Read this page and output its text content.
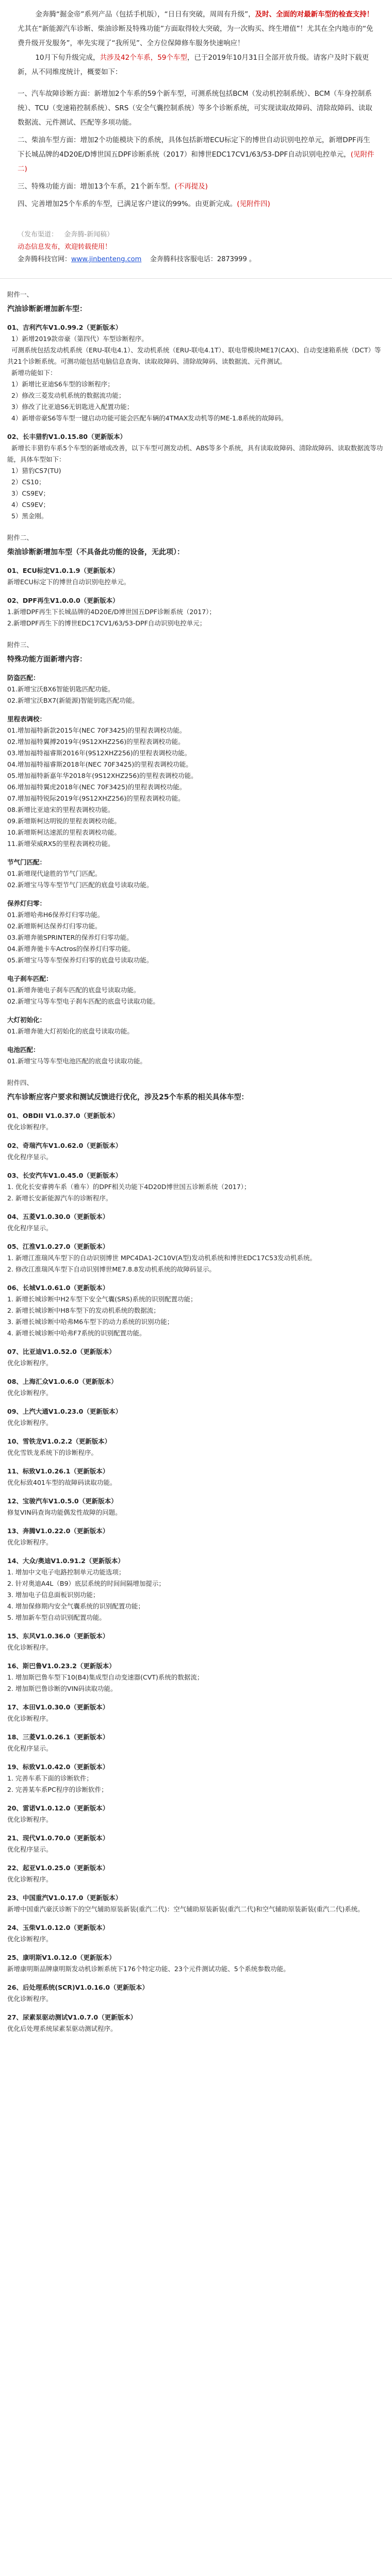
金奔腾“掘金帝”系列产品（包括手机版），“日日有突破，周周有升级”，及时、全面的对最新车型的检查支持！尤其在“新能源汽车诊断、柴油诊断及特殊功能”方面取得较大突破，为一次购买、终生增值”！尤其在全内地市的“免费升级开发服务”，率先实现了“我所见”、全方位保障修车服务快速响应！

10月下旬升级完成，共涉及42个车系，59个车型，已于2019年10月31日全部开放升级。请客户及时下载更新，从不同维度统计，概要如下：

一、汽车故障诊断方面：新增加2个车系的59个新车型，可测系统包括BCM（发动机控制系统）、BCM（车身控制系统）、TCU（变速箱控制系统）、SRS（安全气囊控制系统）等多个诊断系统，可实现读取故障码、清除故障码、读取数据流、元件测试、匹配等多项功能。

二、柴油车型方面：增加2个功能模块下的系统，具体包括新增ECU标定下的博世自动识别电控单元，新增DPF再生下长城品牌的4D20E/D博世国五DPF诊断系统（2017）和博世EDC17CV1/63/53-DPF自动识别电控单元，(见附件二)

三、特殊功能方面：增加13个车系，21个新车型。(不再提及)

四、完善增加25个车系的车型，已满足客户建议的99%。由更新完成。(见附件四)

（发布渠道：   金奔腾-新闻稿）

动态信息发布，欢迎转载使用！

金奔腾科技官网：www.jinbenteng.com    金奔腾科技客服电话：2873999 。

附件一、

汽油诊断新增加新车型：

01、吉利汽车V1.0.99.2（更新版本）

1）新增2019款帝豪（第四代）车型诊断程序。

可测系统包括发动机系统（ERU-联电4.1）、发动机系统（ERU-联电4.1T）、联电带模块ME17(CAX)、自动变速箱系统（DCT）等共21个诊断系统。可测功能包括电脑信息查询、读取故障码、清除故障码、读数据流、元件测试。

新增功能如下：

1）新增比亚迪S6车型的诊断程序；

2）修改三菱发动机系统的数据流功能；

3）修改了比亚迪S6无钥匙进入配置功能；

4）新增帝豪S6等车型一键启动功能可能会匹配车辆的4TMAX发动机等的ME-1.8系统的故障码。

02、长丰猎豹V1.0.15.80（更新版本）

新增长丰猎豹车系5个车型的新增或改善，以下车型可测发动机、ABS等多个系统，具有读取故障码、清除故障码、读取数据流等功能，具体车型如下：

1）猎豹CS7(TU)

2）CS10；

3）CS9EV；

4）CS9EV；

5）黑金刚。

附件二、

柴油诊断新增加车型（不具备此功能的设备，无此项）：

01、ECU标定V1.0.1.9（更新版本）

新增ECU标定下的博世自动识别电控单元。

02、DPF再生V1.0.0.0（更新版本）

1.新增DPF再生下长城品牌的4D20E/D博世国五DPF诊断系统（2017）；

2.新增DPF再生下的博世EDC17CV1/63/53-DPF自动识别电控单元；

附件三、

特殊功能方面新增内容：

防盗匹配：

01.新增宝沃BX6智能钥匙匹配功能。

02.新增宝沃BX7(新能源)智能钥匙匹配功能。

里程表调校：

01.增加福特新款2015年(NEC 70F3425)的里程表调校功能。

02.增加福特翼搏2019年(9S12XHZ256)的里程表调校功能。

03.增加福特福睿斯2016年(9S12XHZ256)的里程表调校功能。

04.增加福特福睿斯2018年(NEC 70F3425)的里程表调校功能。

05.增加福特新嘉年华2018年(9S12XHZ256)的里程表调校功能。

06.增加福特翼虎2018年(NEC 70F3425)的里程表调校功能。

07.增加福特锐际2019年(9S12XHZ256)的里程表调校功能。

08.新增比亚迪宋的里程表调校功能。

09.新增斯柯达明锐的里程表调校功能。

10.新增斯柯达速派的里程表调校功能。

11.新增荣威RX5的里程表调校功能。

节气门匹配：

01.新增现代途胜的节气门匹配。

02.新增宝马等车型节气门匹配的底盘号读取功能。

保养灯归零：

01.新增哈弗H6保养灯归零功能。

02.新增斯柯达保养灯归零功能。

03.新增奔驰SPRINTER的保养灯归零功能。

04.新增奔驰卡车Actros的保养灯归零功能。

05.新增宝马等车型保养灯归零的底盘号读取功能。

电子刹车匹配：

01.新增奔驰电子刹车匹配的底盘号读取功能。

02.新增宝马等车型电子刹车匹配的底盘号读取功能。

大灯初始化：

01.新增奔驰大灯初始化的底盘号读取功能。

电池匹配：

01.新增宝马等车型电池匹配的底盘号读取功能。

附件四、

汽车诊断应客户要求和测试反馈进行优化，涉及25个车系的相关具体车型：

01、OBDII V1.0.37.0（更新版本）

优化诊断程序。

02、奇瑞汽车V1.0.62.0（更新版本）

优化程序显示。

03、长安汽车V1.0.45.0（更新版本）

1. 优化长安睿骋车系（雅车）的DPF相关功能下4D20D博世国五诊断系统（2017）；

2. 新增长安新能源汽车的诊断程序。

04、五菱V1.0.30.0（更新版本）

优化程序显示。

05、江淮V1.0.27.0（更新版本）

1. 新增江淮瑞风车型下的自动识别博世 MPC4DA1-2C10V(A型)发动机系统和博世EDC17C53发动机系统。

2. 修改江淮瑞风车型下自动识别博世ME7.8.8发动机系统的故障码显示。

06、长城V1.0.61.0（更新版本）

1. 新增长城诊断中H2车型下安全气囊(SRS)系统的识别配置功能；

2. 新增长城诊断中H8车型下的发动机系统的数据流；

3. 新增长城诊断中哈弗M6车型下的动力系统的识别功能；

4. 新增长城诊断中哈弗F7系统的识别配置功能。

07、比亚迪V1.0.52.0（更新版本）

优化诊断程序。

08、上海汇众V1.0.6.0（更新版本）

优化诊断程序。

09、上汽大通V1.0.23.0（更新版本）

优化诊断程序。

10、雪铁龙V1.0.2.2（更新版本）

优化雪铁龙系统下的诊断程序。

11、标致V1.0.26.1（更新版本）

优化标致401车型的故障码读取功能。

12、宝骏汽车V1.0.5.0（更新版本）

修复VIN码查询功能偶发性故障的问题。

13、奔腾V1.0.22.0（更新版本）

优化诊断程序。

14、大众/奥迪V1.0.91.2（更新版本）

1. 增加中文电子电路控制单元功能选项；

2. 针对奥迪A4L（B9）底层系统的时间间隔增加提示；

3. 增加电子信息面板识别功能；

4. 增加保修期内安全气囊系统的识别配置功能；

5. 增加新车型自动识别配置功能。

15、东风V1.0.36.0（更新版本）

优化诊断程序。

16、斯巴鲁V1.0.23.2（更新版本）

1. 增加斯巴鲁车型下10(B4)集成型自动变速器(CVT)系统的数据流；

2. 增加斯巴鲁诊断的VIN码读取功能。

17、本田V1.0.30.0（更新版本）

优化诊断程序。

18、三菱V1.0.26.1（更新版本）

优化程序显示。

19、标致V1.0.42.0（更新版本）

1. 完善车系下面的诊断软件；

2. 完善某车系PC程序的诊断软件；

20、雷诺V1.0.12.0（更新版本）

优化诊断程序。

21、现代V1.0.70.0（更新版本）

优化程序显示。

22、起亚V1.0.25.0（更新版本）

优化诊断程序。

23、中国重汽V1.0.17.0（更新版本）

新增中国重汽豪沃诊断下的空气辅助原装新装(重汽二代)：空气辅助原装新装(重汽二代)和空气辅助原装新装(重汽二代)系统。

24、玉柴V1.0.12.0（更新版本）

优化诊断程序。

25、康明斯V1.0.12.0（更新版本）

新增康明斯品牌康明斯发动机诊断系统下176个特定功能、23个元件测试功能、5个系统参数功能。

26、后处理系统(SCR)V1.0.16.0（更新版本）

优化诊断程序。

27、尿素泵驱动测试V1.0.7.0（更新版本）

优化后处理系统尿素泵驱动测试程序。
